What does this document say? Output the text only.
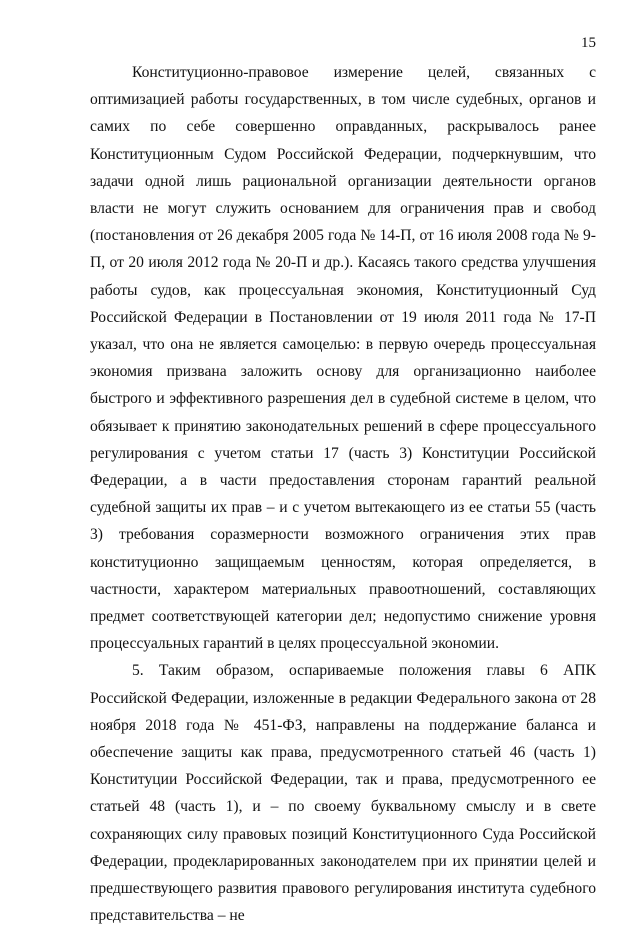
15

Конституционно-правовое измерение целей, связанных с оптимизацией работы государственных, в том числе судебных, органов и самих по себе совершенно оправданных, раскрывалось ранее Конституционным Судом Российской Федерации, подчеркнувшим, что задачи одной лишь рациональной организации деятельности органов власти не могут служить основанием для ограничения прав и свобод (постановления от 26 декабря 2005 года № 14-П, от 16 июля 2008 года № 9-П, от 20 июля 2012 года № 20-П и др.). Касаясь такого средства улучшения работы судов, как процессуальная экономия, Конституционный Суд Российской Федерации в Постановлении от 19 июля 2011 года № 17-П указал, что она не является самоцелью: в первую очередь процессуальная экономия призвана заложить основу для организационно наиболее быстрого и эффективного разрешения дел в судебной системе в целом, что обязывает к принятию законодательных решений в сфере процессуального регулирования с учетом статьи 17 (часть 3) Конституции Российской Федерации, а в части предоставления сторонам гарантий реальной судебной защиты их прав – и с учетом вытекающего из ее статьи 55 (часть 3) требования соразмерности возможного ограничения этих прав конституционно защищаемым ценностям, которая определяется, в частности, характером материальных правоотношений, составляющих предмет соответствующей категории дел; недопустимо снижение уровня процессуальных гарантий в целях процессуальной экономии.

5. Таким образом, оспариваемые положения главы 6 АПК Российской Федерации, изложенные в редакции Федерального закона от 28 ноября 2018 года № 451-ФЗ, направлены на поддержание баланса и обеспечение защиты как права, предусмотренного статьей 46 (часть 1) Конституции Российской Федерации, так и права, предусмотренного ее статьей 48 (часть 1), и – по своему буквальному смыслу и в свете сохраняющих силу правовых позиций Конституционного Суда Российской Федерации, продекларированных законодателем при их принятии целей и предшествующего развития правового регулирования института судебного представительства – не
